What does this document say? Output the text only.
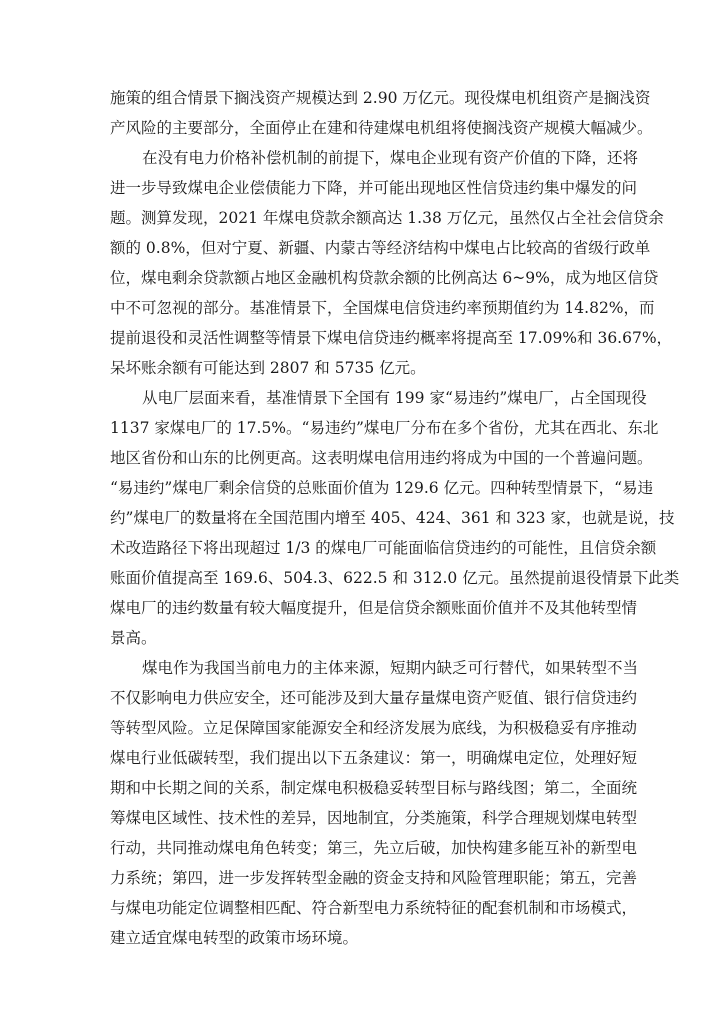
施策的组合情景下搁浅资产规模达到 2.90 万亿元。现役煤电机组资产是搁浅资
产风险的主要部分，全面停止在建和待建煤电机组将使搁浅资产规模大幅减少。
在没有电力价格补偿机制的前提下，煤电企业现有资产价值的下降，还将
进一步导致煤电企业偿债能力下降，并可能出现地区性信贷违约集中爆发的问
题。测算发现，2021 年煤电贷款余额高达 1.38 万亿元，虽然仅占全社会信贷余
额的 0.8%，但对宁夏、新疆、内蒙古等经济结构中煤电占比较高的省级行政单
位，煤电剩余贷款额占地区金融机构贷款余额的比例高达 6~9%，成为地区信贷
中不可忽视的部分。基准情景下，全国煤电信贷违约率预期值约为 14.82%，而
提前退役和灵活性调整等情景下煤电信贷违约概率将提高至 17.09%和 36.67%，
呆坏账余额有可能达到 2807 和 5735 亿元。
从电厂层面来看，基准情景下全国有 199 家“易违约”煤电厂，占全国现役
1137 家煤电厂的 17.5%。“易违约”煤电厂分布在多个省份，尤其在西北、东北
地区省份和山东的比例更高。这表明煤电信用违约将成为中国的一个普遍问题。
“易违约”煤电厂剩余信贷的总账面价值为 129.6 亿元。四种转型情景下，“易违
约”煤电厂的数量将在全国范围内增至 405、424、361 和 323 家，也就是说，技
术改造路径下将出现超过 1/3 的煤电厂可能面临信贷违约的可能性，且信贷余额
账面价值提高至 169.6、504.3、622.5 和 312.0 亿元。虽然提前退役情景下此类
煤电厂的违约数量有较大幅度提升，但是信贷余额账面价值并不及其他转型情
景高。
煤电作为我国当前电力的主体来源，短期内缺乏可行替代，如果转型不当
不仅影响电力供应安全，还可能涉及到大量存量煤电资产贬值、银行信贷违约
等转型风险。立足保障国家能源安全和经济发展为底线，为积极稳妥有序推动
煤电行业低碳转型，我们提出以下五条建议：第一，明确煤电定位，处理好短
期和中长期之间的关系，制定煤电积极稳妥转型目标与路线图；第二，全面统
筹煤电区域性、技术性的差异，因地制宜，分类施策，科学合理规划煤电转型
行动，共同推动煤电角色转变；第三，先立后破，加快构建多能互补的新型电
力系统；第四，进一步发挥转型金融的资金支持和风险管理职能；第五，完善
与煤电功能定位调整相匹配、符合新型电力系统特征的配套机制和市场模式，
建立适宜煤电转型的政策市场环境。
